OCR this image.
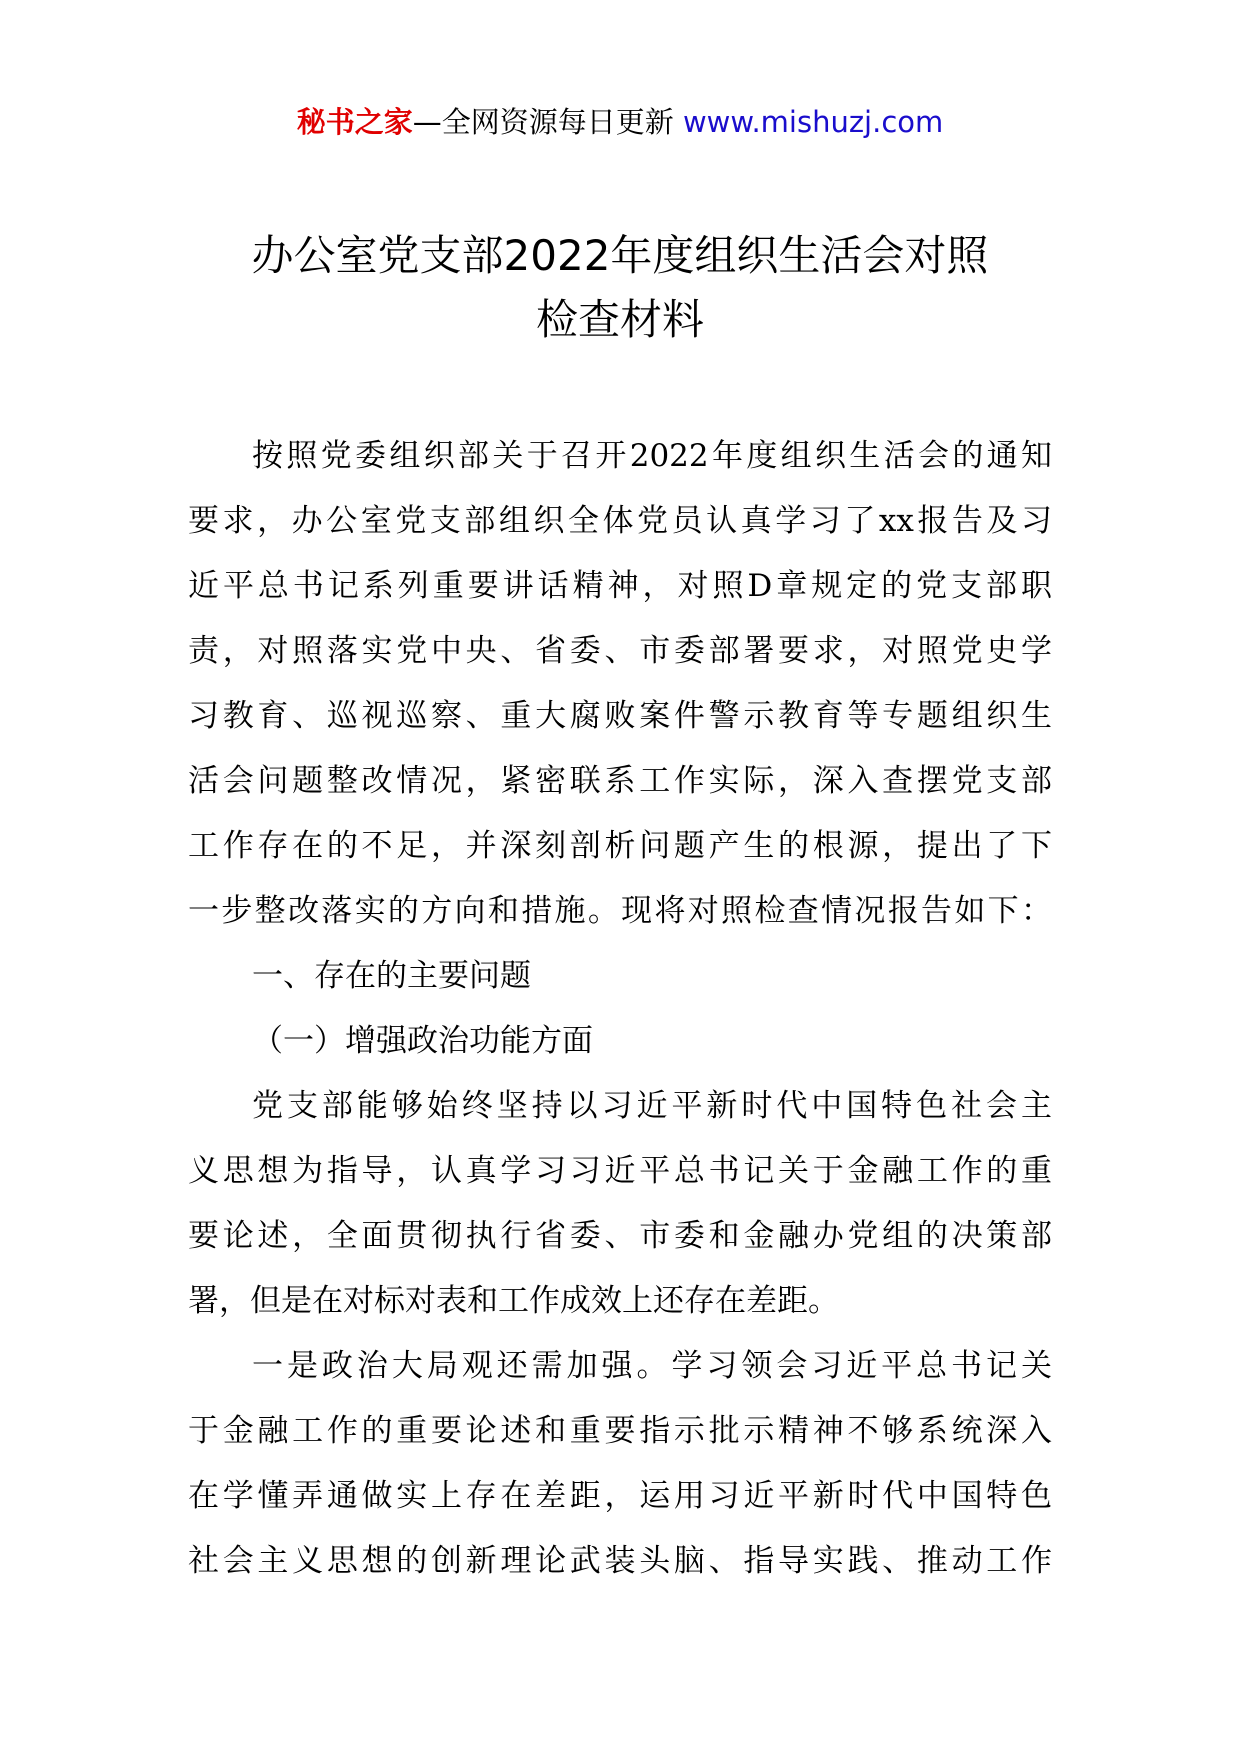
秘书之家—全网资源每日更新 www.mishuzj.com
办公室党支部2022年度组织生活会对照
检查材料
按照党委组织部关于召开2022年度组织生活会的通知
要求，办公室党支部组织全体党员认真学习了xx报告及习
近平总书记系列重要讲话精神，对照D章规定的党支部职
责，对照落实党中央、省委、市委部署要求，对照党史学
习教育、巡视巡察、重大腐败案件警示教育等专题组织生
活会问题整改情况，紧密联系工作实际，深入查摆党支部
工作存在的不足，并深刻剖析问题产生的根源，提出了下
一步整改落实的方向和措施。现将对照检查情况报告如下：
一、存在的主要问题
（一）增强政治功能方面
党支部能够始终坚持以习近平新时代中国特色社会主
义思想为指导，认真学习习近平总书记关于金融工作的重
要论述，全面贯彻执行省委、市委和金融办党组的决策部
署，但是在对标对表和工作成效上还存在差距。
一是政治大局观还需加强。学习领会习近平总书记关
于金融工作的重要论述和重要指示批示精神不够系统深入
在学懂弄通做实上存在差距，运用习近平新时代中国特色
社会主义思想的创新理论武装头脑、指导实践、推动工作
